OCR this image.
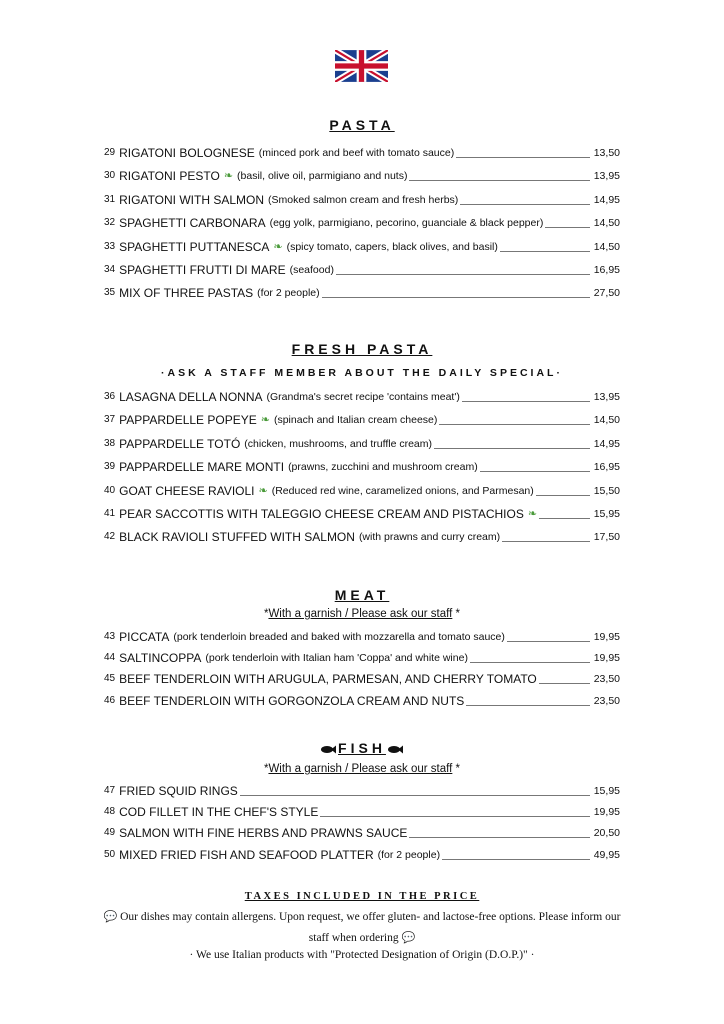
PASTA
29 RIGATONI BOLOGNESE (minced pork and beef with tomato sauce)	13,50
30 RIGATONI PESTO ❧ (basil, olive oil, parmigiano and nuts)	13,95
31 RIGATONI WITH SALMON (Smoked salmon cream and fresh herbs)	14,95
32 SPAGHETTI CARBONARA (egg yolk, parmigiano, pecorino, guanciale & black pepper)	14,50
33 SPAGHETTI PUTTANESCA ❧ (spicy tomato, capers, black olives, and basil)	14,50
34 SPAGHETTI FRUTTI DI MARE (seafood)	16,95
35 MIX OF THREE PASTAS (for 2 people)	27,50
FRESH PASTA
·ASK A STAFF MEMBER ABOUT THE DAILY SPECIAL·
36 LASAGNA DELLA NONNA (Grandma's secret recipe 'contains meat')	13,95
37 PAPPARDELLE POPEYE ❧ (spinach and Italian cream cheese)	14,50
38 PAPPARDELLE TOTÓ (chicken, mushrooms, and truffle cream)	14,95
39 PAPPARDELLE MARE MONTI (prawns, zucchini and mushroom cream)	16,95
40 GOAT CHEESE RAVIOLI ❧ (Reduced red wine, caramelized onions, and Parmesan)	15,50
41 PEAR SACCOTTIS WITH TALEGGIO CHEESE CREAM AND PISTACHIOS ❧	15,95
42 BLACK RAVIOLI STUFFED WITH SALMON (with prawns and curry cream)	17,50
MEAT
*With a garnish / Please ask our staff *
43 PICCATA (pork tenderloin breaded and baked with mozzarella and tomato sauce)	19,95
44 SALTINCOPPA (pork tenderloin with Italian ham 'Coppa' and white wine)	19,95
45 BEEF TENDERLOIN WITH ARUGULA, PARMESAN, AND CHERRY TOMATO	23,50
46 BEEF TENDERLOIN WITH GORGONZOLA CREAM AND NUTS	23,50
FISH
*With a garnish / Please ask our staff *
47 FRIED SQUID RINGS	15,95
48 COD FILLET IN THE CHEF'S STYLE	19,95
49 SALMON WITH FINE HERBS AND PRAWNS SAUCE	20,50
50 MIXED FRIED FISH AND SEAFOOD PLATTER (for 2 people)	49,95
TAXES INCLUDED IN THE PRICE
💬 Our dishes may contain allergens. Upon request, we offer gluten- and lactose-free options. Please inform our staff when ordering 💬
· We use Italian products with "Protected Designation of Origin (D.O.P.)" ·
